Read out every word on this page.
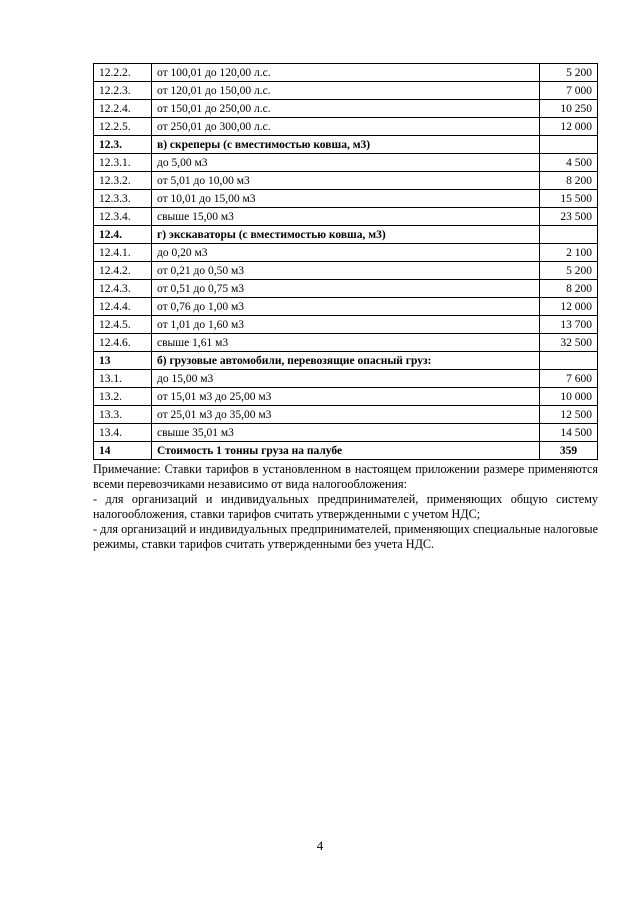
12.2.2.	от 100,01 до 120,00 л.с.	5 200
12.2.3.	от 120,01 до 150,00 л.с.	7 000
12.2.4.	от 150,01 до 250,00 л.с.	10 250
12.2.5.	от 250,01 до 300,00 л.с.	12 000
12.3.	в) скреперы (с вместимостью ковша, м3)	
12.3.1.	до 5,00 м3	4 500
12.3.2.	от 5,01 до 10,00 м3	8 200
12.3.3.	от 10,01 до 15,00 м3	15 500
12.3.4.	свыше 15,00 м3	23 500
12.4.	г) экскаваторы (с вместимостью ковша, м3)	
12.4.1.	до 0,20 м3	2 100
12.4.2.	от 0,21 до 0,50 м3	5 200
12.4.3.	от 0,51 до 0,75 м3	8 200
12.4.4.	от 0,76 до 1,00 м3	12 000
12.4.5.	от 1,01 до 1,60 м3	13 700
12.4.6.	свыше 1,61 м3	32 500
13	б) грузовые автомобили, перевозящие опасный груз:	
13.1.	до 15,00 м3	7 600
13.2.	от 15,01 м3 до 25,00 м3	10 000
13.3.	от 25,01 м3 до 35,00 м3	12 500
13.4.	свыше 35,01 м3	14 500
14	Стоимость 1 тонны груза на палубе	359

Примечание: Ставки тарифов в установленном в настоящем приложении размере применяются всеми перевозчиками независимо от вида налогообложения:

- для организаций и индивидуальных предпринимателей, применяющих общую систему налогообложения, ставки тарифов считать утвержденными с учетом НДС;

- для организаций и индивидуальных предпринимателей, применяющих специальные налоговые режимы, ставки тарифов считать утвержденными без учета НДС.

4
